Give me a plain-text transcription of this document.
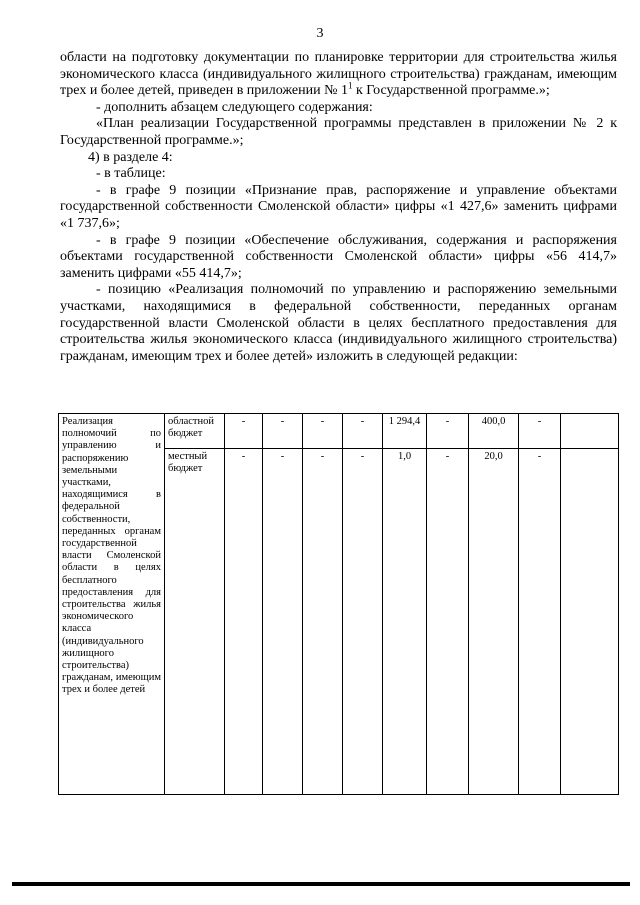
3

области на подготовку документации по планировке территории для строительства жилья экономического класса (индивидуального жилищного строительства) гражданам, имеющим трех и более детей, приведен в приложении № $1^1$ к Государственной программе.»;

- дополнить абзацем следующего содержания:

«План реализации Государственной программы представлен в приложении № 2 к Государственной программе.»;

4) в разделе 4:

- в таблице:

- в графе 9 позиции «Признание прав, распоряжение и управление объектами государственной собственности Смоленской области» цифры «1 427,6» заменить цифрами «1 737,6»;

- в графе 9 позиции «Обеспечение обслуживания, содержания и распоряжения объектами государственной собственности Смоленской области» цифры «56 414,7» заменить цифрами «55 414,7»;

- позицию «Реализация полномочий по управлению и распоряжению земельными участками, находящимися в федеральной собственности, переданных органам государственной власти Смоленской области в целях бесплатного предоставления для строительства жилья экономического класса (индивидуального жилищного строительства) гражданам, имеющим трех и более детей» изложить в следующей редакции:

Реализация полномочий по управлению и распоряжению земельными участками, находящимися в федеральной собственности, переданных органам государственной власти Смоленской области в целях бесплатного предоставления для строительства жилья экономического класса (индивидуального жилищного строительства) гражданам, имеющим трех и более детей	областной бюджет	-	-	-	-	1 294,4	-	400,0	-	
	местный бюджет	-	-	-	-	1,0	-	20,0	-	
